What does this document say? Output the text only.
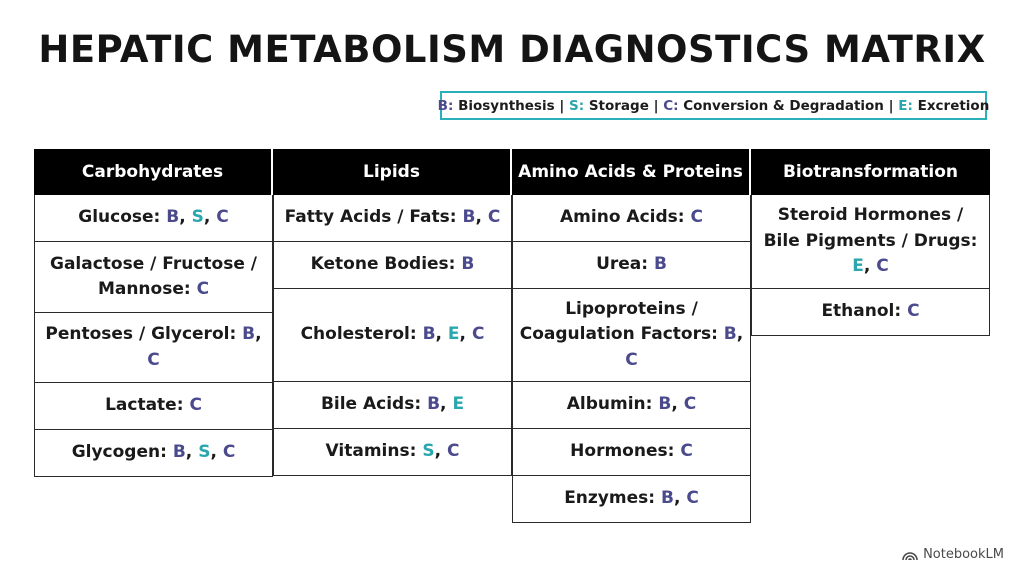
HEPATIC METABOLISM DIAGNOSTICS MATRIX
B : Biosynthesis | S : Storage | C : Conversion & Degradation | E : Excretion
Carbohydrates
Glucose: B, S, C
Galactose / Fructose / Mannose: C
Pentoses / Glycerol: B, C
Lactate: C
Glycogen: B, S, C
Lipids
Fatty Acids / Fats: B, C
Ketone Bodies: B
Cholesterol: B, E, C
Bile Acids: B, E
Vitamins: S, C
Amino Acids & Proteins
Amino Acids: C
Urea: B
Lipoproteins / Coagulation Factors: B, C
Albumin: B, C
Hormones: C
Enzymes: B, C
Biotransformation
Steroid Hormones / Bile Pigments / Drugs: E, C
Ethanol: C
NotebookLM
